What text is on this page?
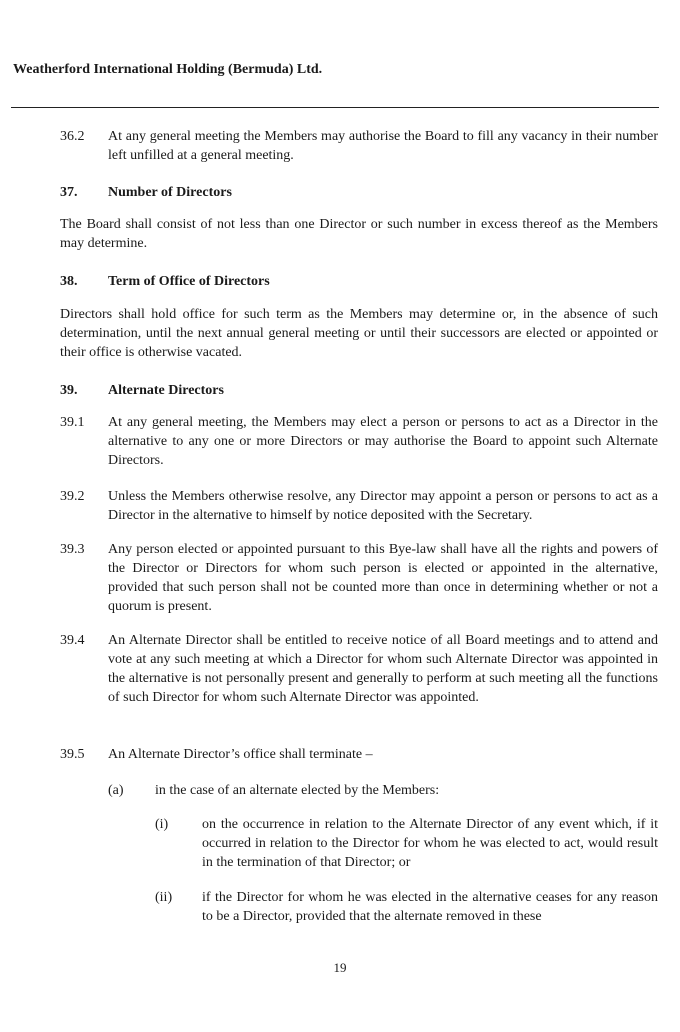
Weatherford International Holding (Bermuda) Ltd.
36.2 At any general meeting the Members may authorise the Board to fill any vacancy in their number left unfilled at a general meeting.
37. Number of Directors
The Board shall consist of not less than one Director or such number in excess thereof as the Members may determine.
38. Term of Office of Directors
Directors shall hold office for such term as the Members may determine or, in the absence of such determination, until the next annual general meeting or until their successors are elected or appointed or their office is otherwise vacated.
39. Alternate Directors
39.1 At any general meeting, the Members may elect a person or persons to act as a Director in the alternative to any one or more Directors or may authorise the Board to appoint such Alternate Directors.
39.2 Unless the Members otherwise resolve, any Director may appoint a person or persons to act as a Director in the alternative to himself by notice deposited with the Secretary.
39.3 Any person elected or appointed pursuant to this Bye-law shall have all the rights and powers of the Director or Directors for whom such person is elected or appointed in the alternative, provided that such person shall not be counted more than once in determining whether or not a quorum is present.
39.4 An Alternate Director shall be entitled to receive notice of all Board meetings and to attend and vote at any such meeting at which a Director for whom such Alternate Director was appointed in the alternative is not personally present and generally to perform at such meeting all the functions of such Director for whom such Alternate Director was appointed.
39.5 An Alternate Director’s office shall terminate –
(a) in the case of an alternate elected by the Members:
(i) on the occurrence in relation to the Alternate Director of any event which, if it occurred in relation to the Director for whom he was elected to act, would result in the termination of that Director; or
(ii) if the Director for whom he was elected in the alternative ceases for any reason to be a Director, provided that the alternate removed in these
19
